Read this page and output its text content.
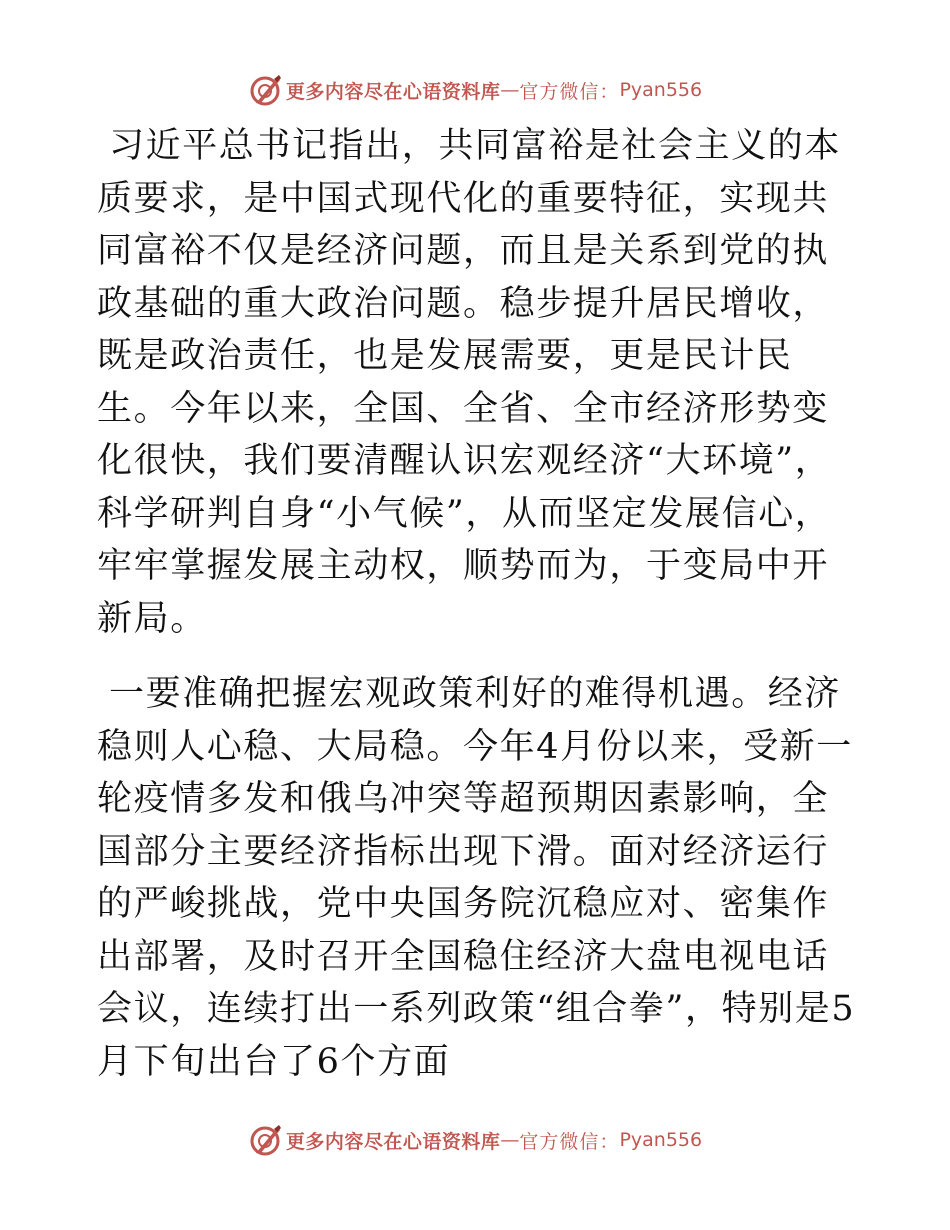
更多内容尽在心语资料库 — 官方微信： Pyan556

习近平总书记指出，共同富裕是社会主义的本质要求，是中国式现代化的重要特征，实现共同富裕不仅是经济问题，而且是关系到党的执政基础的重大政治问题。稳步提升居民增收，既是政治责任，也是发展需要，更是民计民生。今年以来，全国、全省、全市经济形势变化很快，我们要清醒认识宏观经济“大环境”，科学研判自身“小气候”，从而坚定发展信心，牢牢掌握发展主动权，顺势而为，于变局中开新局。

一要准确把握宏观政策利好的难得机遇。经济稳则人心稳、大局稳。今年4月份以来，受新一轮疫情多发和俄乌冲突等超预期因素影响，全国部分主要经济指标出现下滑。面对经济运行的严峻挑战，党中央国务院沉稳应对、密集作出部署，及时召开全国稳住经济大盘电视电话会议，连续打出一系列政策“组合拳”，特别是5月下旬出台了6个方面

更多内容尽在心语资料库 — 官方微信： Pyan556
